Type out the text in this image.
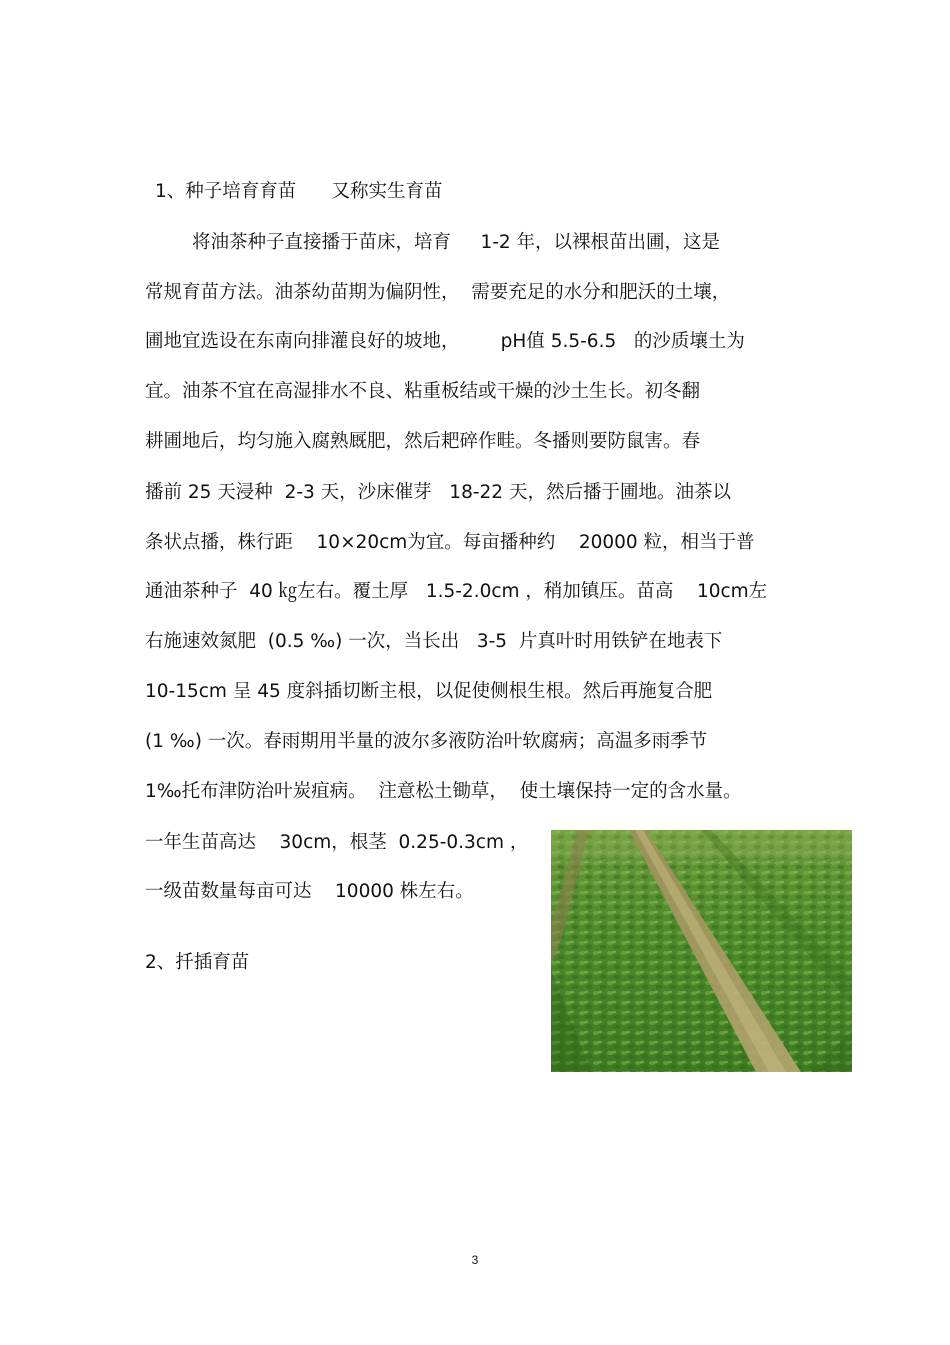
1、种子培育育苗      又称实生育苗

将油茶种子直接播于苗床，培育     1-2 年，以裸根苗出圃，这是

常规育苗方法。油茶幼苗期为偏阴性，  需要充足的水分和肥沃的土壤，

圃地宜选设在东南向排灌良好的坡地，       pH值 5.5-6.5   的沙质壤土为

宜。油茶不宜在高湿排水不良、粘重板结或干燥的沙土生长。初冬翻

耕圃地后，均匀施入腐熟厩肥，然后耙碎作畦。冬播则要防鼠害。春

播前 25 天浸种  2-3 天，沙床催芽   18-22 天，然后播于圃地。油茶以

条状点播，株行距    10×20cm为宜。每亩播种约    20000 粒，相当于普

通油茶种子  40 ㎏左右。覆土厚   1.5-2.0cm ，稍加镇压。苗高    10cm左

右施速效氮肥  (0.5 ‰) 一次，当长出   3-5  片真叶时用铁铲在地表下

10-15cm 呈 45 度斜插切断主根，以促使侧根生根。然后再施复合肥

(1 ‰) 一次。春雨期用半量的波尔多液防治叶软腐病；高温多雨季节

1‰托布津防治叶炭疽病。  注意松土锄草，  使土壤保持一定的含水量。

一年生苗高达    30cm，根茎  0.25-0.3cm ，

一级苗数量每亩可达    10000 株左右。

2、扦插育苗

3
